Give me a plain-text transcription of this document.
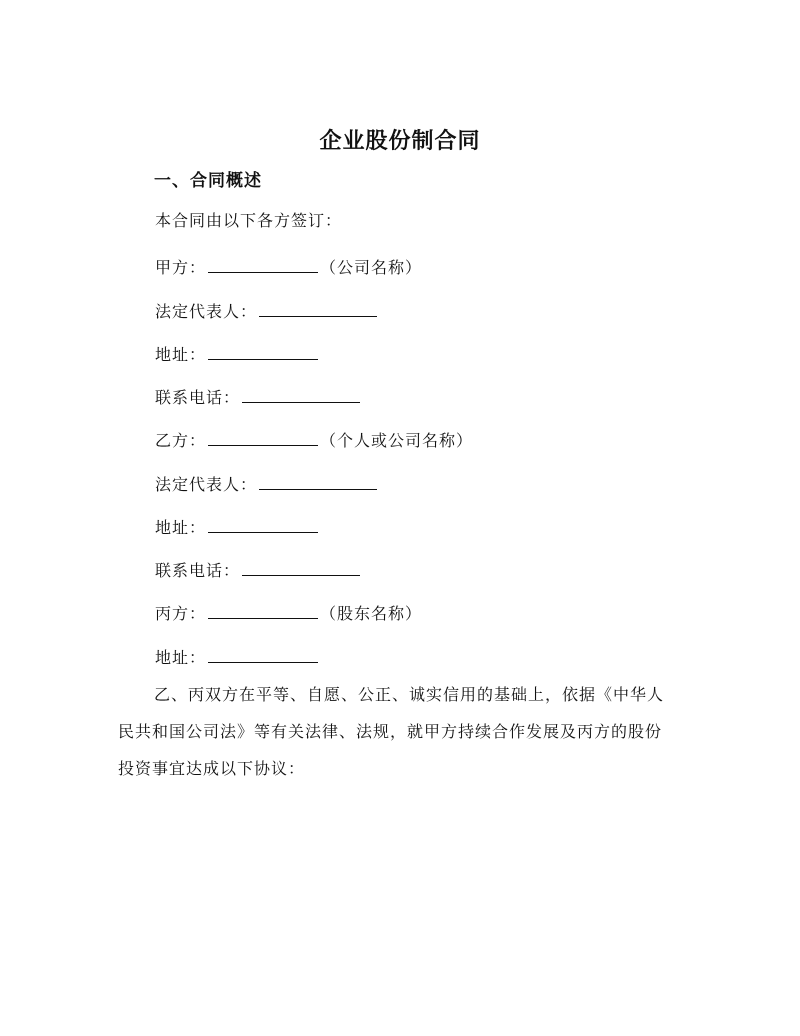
企业股份制合同
一、合同概述
本合同由以下各方签订：
甲方：	（公司名称）
法定代表人：
地址：
联系电话：
乙方：	（个人或公司名称）
法定代表人：
地址：
联系电话：
丙方：	（股东名称）
地址：
乙、丙双方在平等、自愿、公正、诚实信用的基础上，依据《中华人民共和国公司法》等有关法律、法规，就甲方持续合作发展及丙方的股份投资事宜达成以下协议：
